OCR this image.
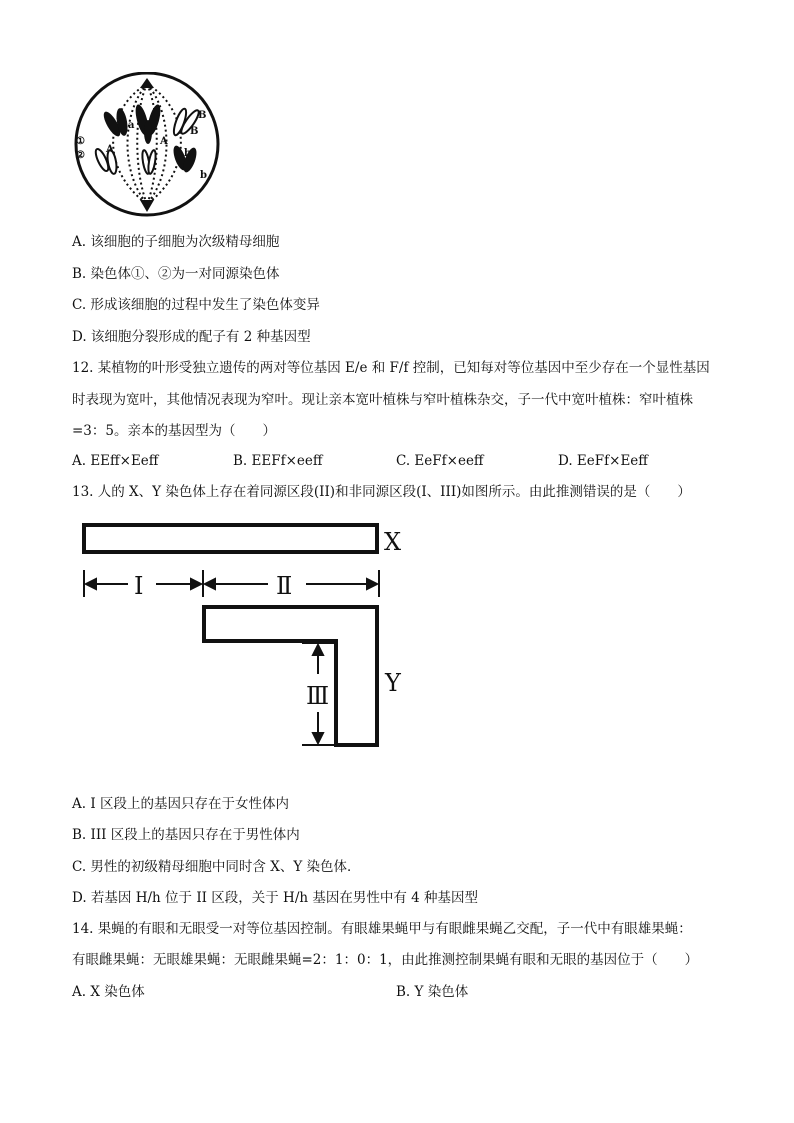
①
②
a
A
A
B
B
b
b
A. 该细胞的子细胞为次级精母细胞
B. 染色体①、②为一对同源染色体
C. 形成该细胞的过程中发生了染色体变异
D. 该细胞分裂形成的配子有 2 种基因型
12. 某植物的叶形受独立遗传的两对等位基因 E/e 和 F/f 控制，已知每对等位基因中至少存在一个显性基因
时表现为宽叶，其他情况表现为窄叶。现让亲本宽叶植株与窄叶植株杂交，子一代中宽叶植株：窄叶植株
=3：5。亲本的基因型为（　　）
A. EEff×Eeff	B. EEFf×eeff	C. EeFf×eeff	D. EeFf×Eeff
13. 人的 X、Y 染色体上存在着同源区段(II)和非同源区段(I、III)如图所示。由此推测错误的是（　　）
X
Ⅰ	Ⅱ
Y
Ⅲ
A. I 区段上的基因只存在于女性体内
B. III 区段上的基因只存在于男性体内
C. 男性的初级精母细胞中同时含 X、Y 染色体．
D. 若基因 H/h 位于 II 区段，关于 H/h 基因在男性中有 4 种基因型
14. 果蝇的有眼和无眼受一对等位基因控制。有眼雄果蝇甲与有眼雌果蝇乙交配，子一代中有眼雄果蝇：
有眼雌果蝇：无眼雄果蝇：无眼雌果蝇=2：1：0：1，由此推测控制果蝇有眼和无眼的基因位于（　　）
A. X 染色体	B. Y 染色体
